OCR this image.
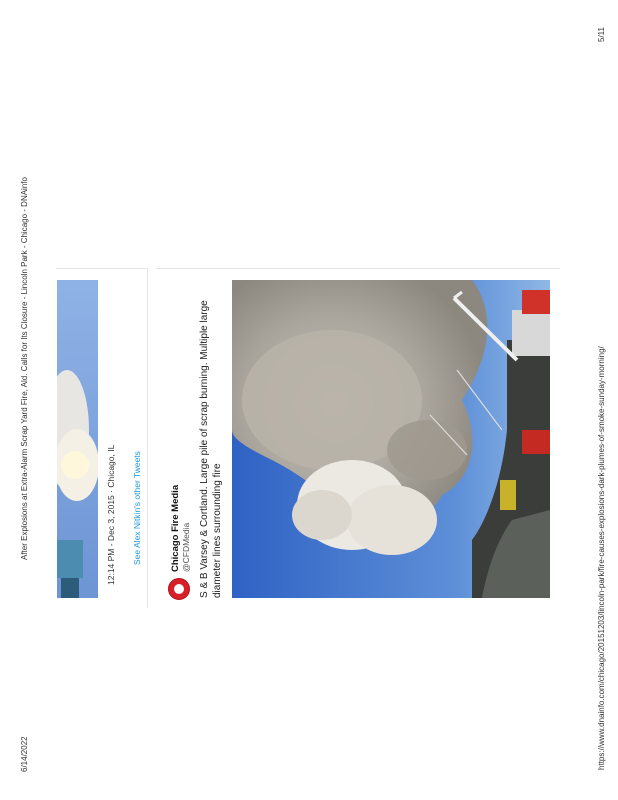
6/14/2022
After Explosions at Extra-Alarm Scrap Yard Fire, Ald. Calls for Its Closure - Lincoln Park - Chicago - DNAinfo	https://www.dnainfo.com/chicago/20151203/lincoln-park/fire-causes-explosions-dark-plumes-of-smoke-sunday-morning/
5/11
12:14 PM - Dec 3, 2015 · Chicago, IL See Alex Nitkin's other Tweets	Chicago Fire Media @CFDMedia S & B Varsey & Cortland. Large pile of scrap burning. Multiple large diameter lines surrounding fire
